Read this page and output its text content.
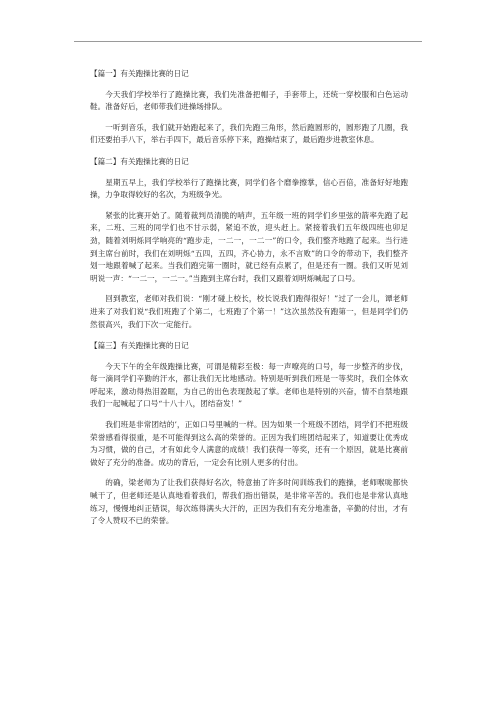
【篇一】有关跑操比赛的日记

今天我们学校举行了跑操比赛，我们先准备把帽子，手套带上，还统一穿校服和白色运动鞋。准备好后，老师带我们进操场排队。

一听到音乐，我们就开始跑起来了，我们先跑三角形，然后跑圆形的，圆形跑了几圈，我们还要拍手八下，举右手四下，最后音乐停下来，跑操结束了，最后跑步进教室休息。

【篇二】有关跑操比赛的日记

星期五早上，我们学校举行了跑操比赛，同学们各个磨拳擦掌，信心百倍，准备好好地跑操，力争取得较好的名次，为班级争光。

紧张的比赛开始了。随着裁判员清脆的哨声，五年级一班的同学们乡里弦的箭率先跑了起来，二班、三班的同学们也不甘示弱，紧追不放，迎头赶上。紧接着我们五年级四班也卯足劲，随着刘明烁同学响亮的“跑步走，一二一，一二一”的口令，我们整齐地跑了起来。当行进到主席台前时，我们在刘明烁“五四，五四，齐心协力，永不言败”的口令的带动下，我们整齐划一地跟着喊了起来。当我们跑完第一圈时，就已经有点累了，但是还有一圈。我们又听见刘明说一声：“一二一，一二一。”当跑到主席台时，我们又跟着刘明烁喊起了口号。

回到教室，老师对我们说：“刚才碰上校长，校长说我们跑得很好！”过了一会儿，谭老师进来了对我们说“我们班跑了个第二，七班跑了个第一！”这次虽然没有跑第一，但是同学们仍然很高兴，我们下次一定能行。

【篇三】有关跑操比赛的日记

今天下午的全年级跑操比赛，可谓是精彩至极：每一声嘹亮的口号，每一步整齐的步伐，每一滴同学们辛勤的汗水，都让我们无比地感动。特别是听到我们班是一等奖时，我们全体欢呼起来，激动得热泪盈眶，为自己的出色表现鼓起了掌。老师也是特别的兴奋，情不自禁地跟我们一起喊起了口号“十八十八，团结奋发！”

我们班是非常团结的’，正如口号里喊的一样。因为如果一个班级不团结，同学们不把班级荣誉感看得很重，是不可能得到这么高的荣誉的。正因为我们班团结起来了，知道要让优秀成为习惯，做的自己，才有如此令人满意的成绩！我们获得一等奖，还有一个原因，就是比赛前做好了充分的准备。成功的背后，一定会有比别人更多的付出。

的确，梁老师为了让我们获得好名次，特意抽了许多时间训练我们的跑操，老师喉咙都快喊干了，但老师还是认真地看着我们，帮我们指出错误，是非常辛苦的。我们也是非常认真地练习，慢慢地纠正错误，每次练得满头大汗的，正因为我们有充分地准备，辛勤的付出，才有了令人赞叹不已的荣誉。
